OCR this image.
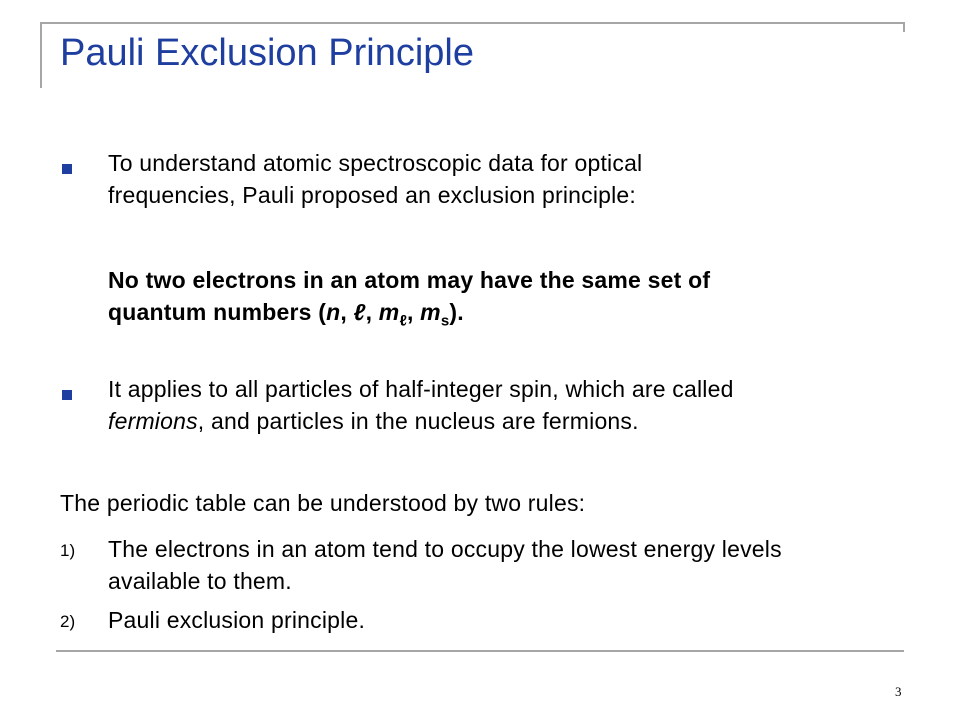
Pauli Exclusion Principle
To understand atomic spectroscopic data for optical
frequencies, Pauli proposed an exclusion principle:
No two electrons in an atom may have the same set of
quantum numbers (n, ℓ, $m_\ell$, $m_s$).
It applies to all particles of half-integer spin, which are called
fermions, and particles in the nucleus are fermions.
The periodic table can be understood by two rules:
1) The electrons in an atom tend to occupy the lowest energy levels
available to them.
2) Pauli exclusion principle.
3
